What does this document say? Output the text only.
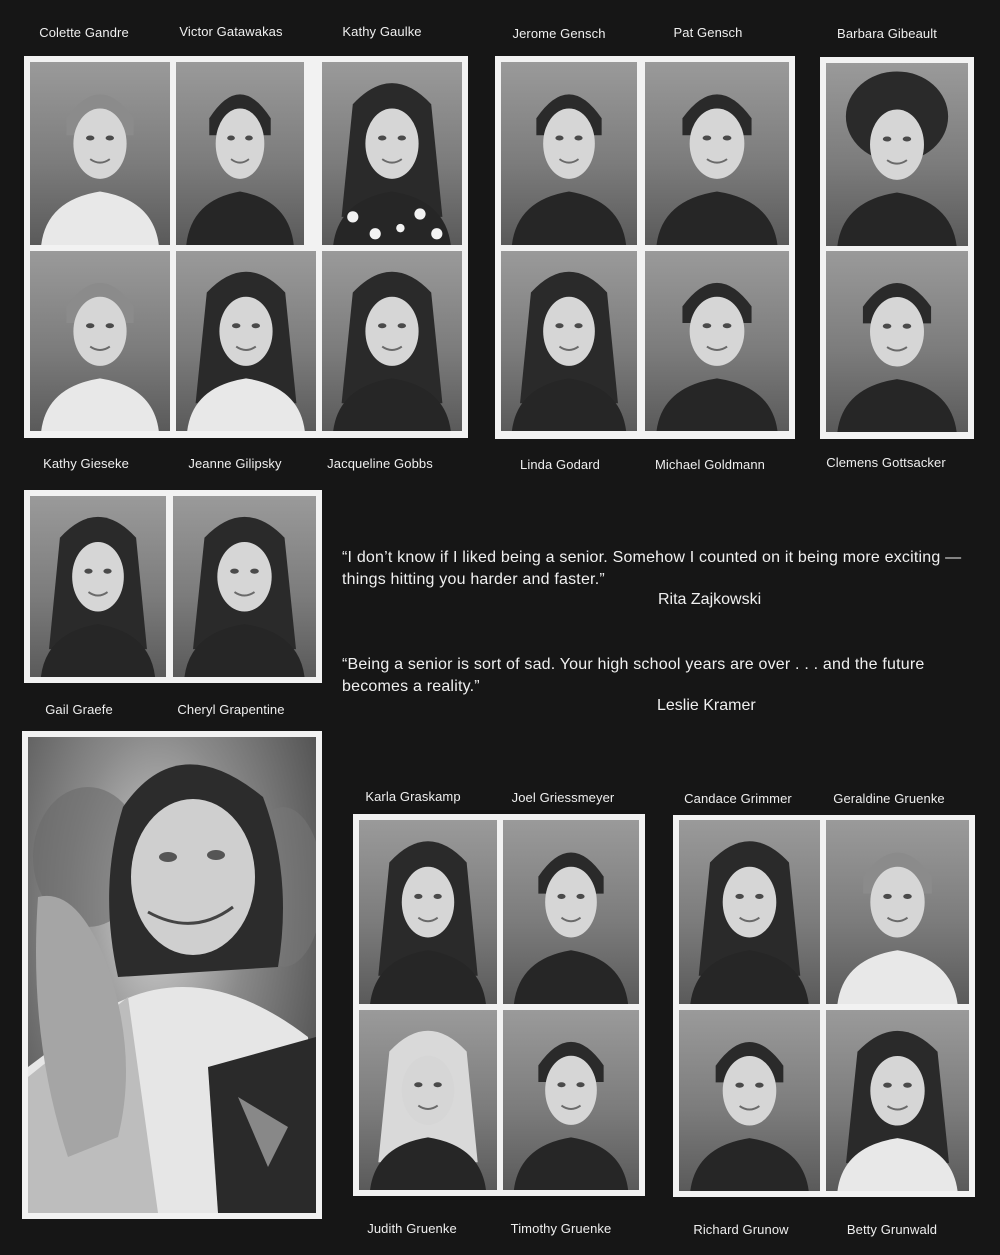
Colette Gandre	Victor Gatawakas	Kathy Gaulke	Jerome Gensch	Pat Gensch	Barbara Gibeault
Kathy Gieseke	Jeanne Gilipsky	Jacqueline Gobbs	Linda Godard	Michael Goldmann	Clemens Gottsacker
Gail Graefe	Cheryl Grapentine
Karla Graskamp	Joel Griessmeyer	Candace Grimmer	Geraldine Gruenke
Judith Gruenke	Timothy Gruenke	Richard Grunow	Betty Grunwald
“I don’t know if I liked being a senior. Somehow I counted on it being more exciting — things hitting you harder and faster.”
Rita Zajkowski
“Being a senior is sort of sad. Your high school years are over . . . and the future becomes a reality.”
Leslie Kramer
